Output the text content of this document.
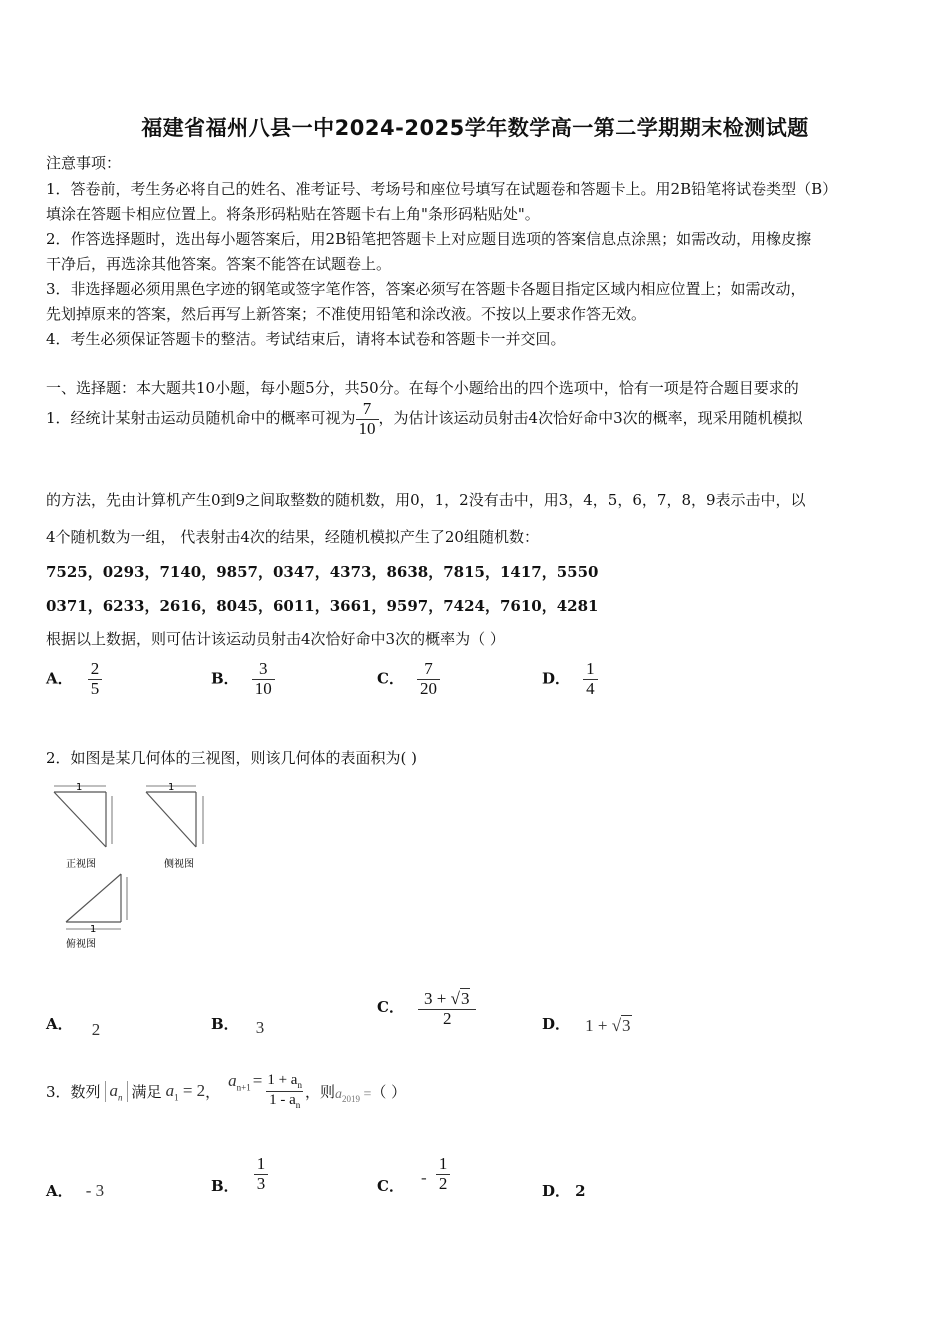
福建省福州八县一中2024-2025学年数学高一第二学期期末检测试题
注意事项：
1．答卷前，考生务必将自己的姓名、准考证号、考场号和座位号填写在试题卷和答题卡上。用2B铅笔将试卷类型（B）
填涂在答题卡相应位置上。将条形码粘贴在答题卡右上角"条形码粘贴处"。
2．作答选择题时，选出每小题答案后，用2B铅笔把答题卡上对应题目选项的答案信息点涂黑；如需改动，用橡皮擦
干净后，再选涂其他答案。答案不能答在试题卷上。
3．非选择题必须用黑色字迹的钢笔或签字笔作答，答案必须写在答题卡各题目指定区域内相应位置上；如需改动，
先划掉原来的答案，然后再写上新答案；不准使用铅笔和涂改液。不按以上要求作答无效。
4．考生必须保证答题卡的整洁。考试结束后，请将本试卷和答题卡一并交回。
一、选择题：本大题共10小题，每小题5分，共50分。在每个小题给出的四个选项中，恰有一项是符合题目要求的
1．经统计某射击运动员随机命中的概率可视为 $\frac{7}{10}$ ，为估计该运动员射击4次恰好命中3次的概率，现采用随机模拟
的方法，先由计算机产生0到9之间取整数的随机数，用0，1，2没有击中，用3，4，5，6，7，8，9表示击中，以
4个随机数为一组， 代表射击4次的结果，经随机模拟产生了20组随机数：
7525，0293，7140，9857，0347，4373，8638，7815，1417，5550
0371，6233，2616，8045，6011，3661，9597，7424，7610，4281
根据以上数据，则可估计该运动员射击4次恰好命中3次的概率为（ ）
A． $\frac{2}{5}$	B． $\frac{3}{10}$	C． $\frac{7}{20}$	D． $\frac{1}{4}$
2．如图是某几何体的三视图，则该几何体的表面积为( )
1	1
1
正视图	侧视图
俯视图
A． 2	B． 3
C． $\frac{3 + √3}{2}$	D． 1 + √3
3．数列 $a_n$ 满足 $a_1 = 2$ ，
$a_{n+1} = \frac{1 + a_n}{1 - a_n}$ ，则 $a_{2019}$ = （ ）
A． - 3	B． $\frac{1}{3}$	C． - $\frac{1}{2}$	D． 2
